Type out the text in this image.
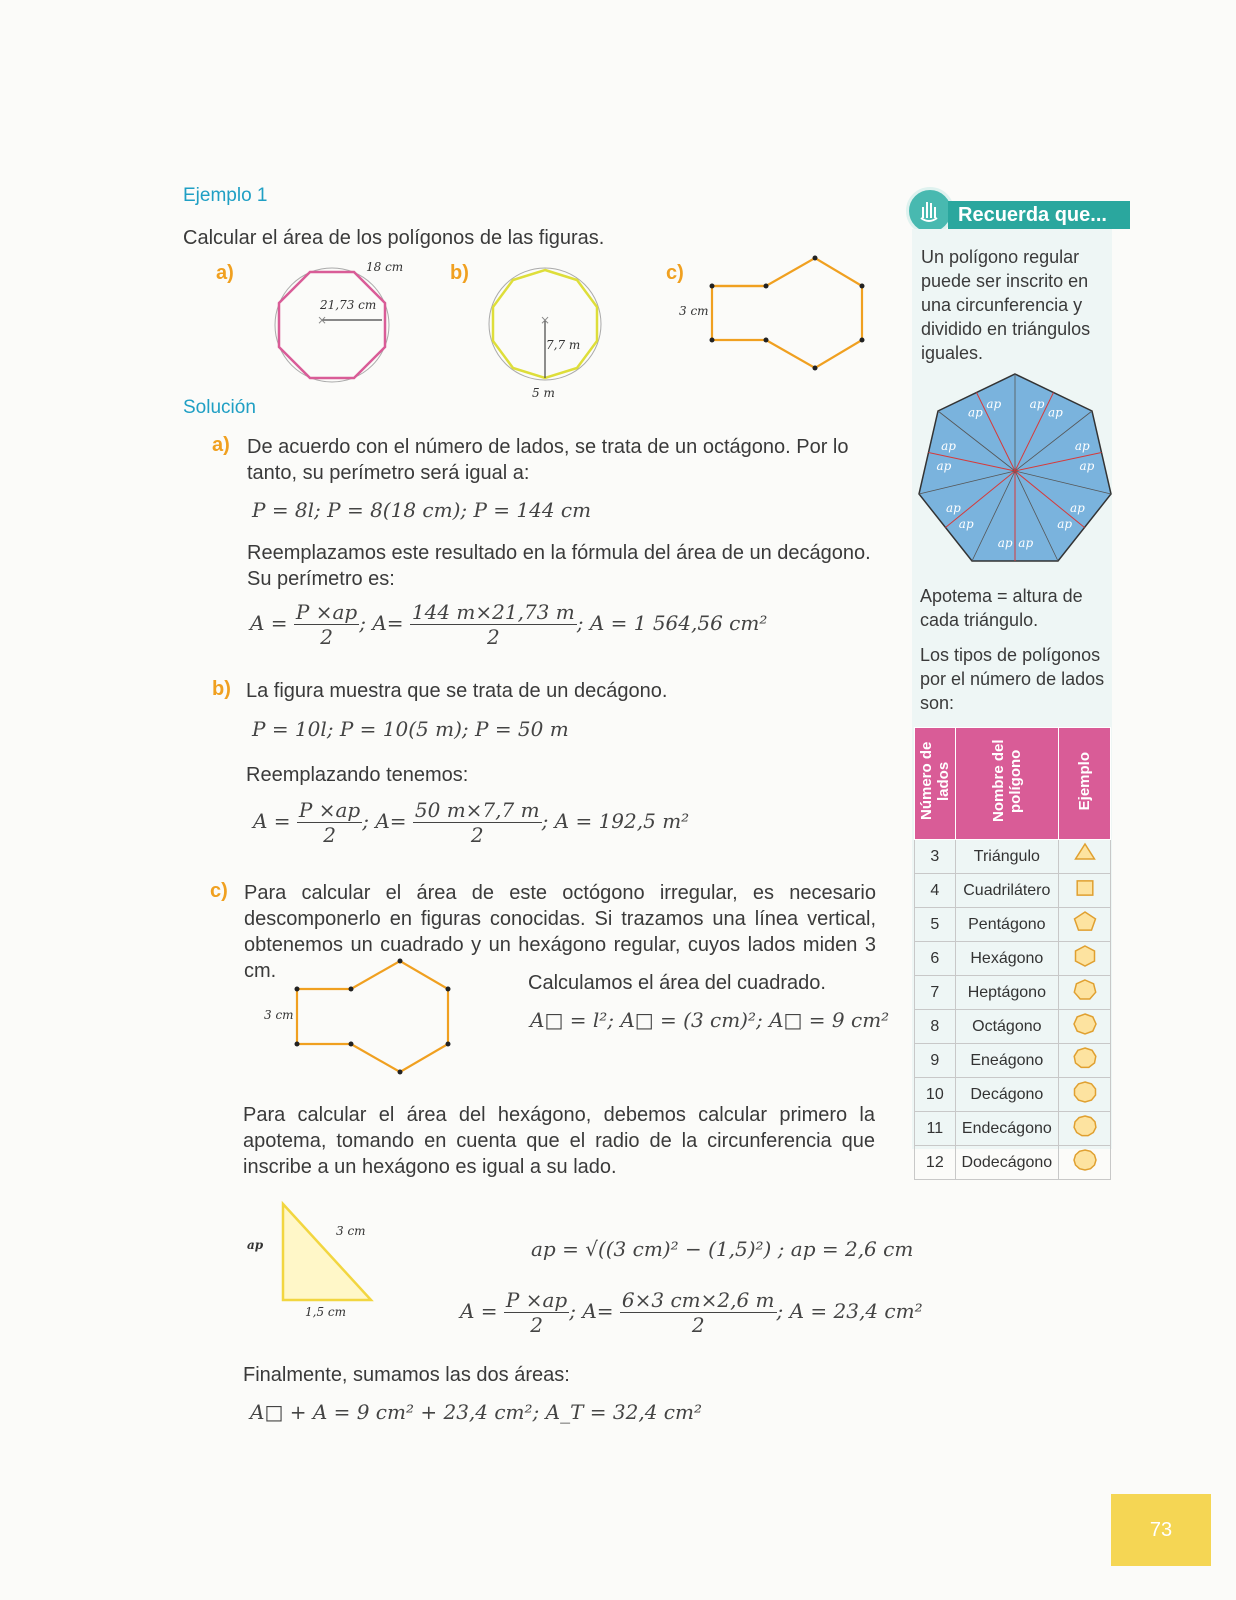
Ejemplo 1
Calcular el área de los polígonos de las figuras.
a)
×
18 cm
21,73 cm
b)
×
7,7 m
5 m
c)
3 cm
Solución
a) De acuerdo con el número de lados, se trata de un octágono. Por lo tanto, su perímetro será igual a:
P = 8l; P = 8(18 cm); P = 144 cm
Reemplazamos este resultado en la fórmula del área de un decágono. Su perímetro es:
$A = \frac{P \times ap}{2}$ ; $A= \frac{144 m\times 21,73 m}{2}$ ; A = 1 564,56 cm²
b) La figura muestra que se trata de un decágono.
P = 10l; P = 10(5 m); P = 50 m
Reemplazando tenemos:
$A = \frac{P \times ap}{2}$ ; $A= \frac{50 m\times 7,7 m}{2}$ ; A = 192,5 m²
c) Para calcular el área de este octógono irregular, es necesario descomponerlo en figuras conocidas. Si trazamos una línea vertical, obtenemos un cuadrado y un hexágono regular, cuyos lados miden 3 cm.
3 cm
Calculamos el área del cuadrado.
A□ = l²; A□ = (3 cm)²; A□ = 9 cm²
Para calcular el área del hexágono, debemos calcular primero la apotema, tomando en cuenta que el radio de la circunferencia que inscribe a un hexágono es igual a su lado.
ap
3 cm
1,5 cm
ap = √((3 cm)² − (1,5)²) ; ap = 2,6 cm
$A = \frac{P \times ap}{2}$ ; $A= \frac{6\times 3 cm\times 2,6 m}{2}$ ; A = 23,4 cm²
Finalmente, sumamos las dos áreas:
A□ + A = 9 cm² + 23,4 cm²; A_T = 32,4 cm²
Recuerda que...
Un polígono regular puede ser inscrito en una circunferencia y dividido en triángulos iguales.
ap
ap
ap
ap
ap
ap
ap
ap
ap
ap
ap
ap
ap
ap
Apotema = altura de cada triángulo.
Los tipos de polígonos por el número de lados son:
Número de lados	Nombre del polígono	Ejemplo
3	Triángulo	
4	Cuadrilátero	
5	Pentágono	
6	Hexágono	
7	Heptágono	
8	Octágono	
9	Eneágono	
10	Decágono	
11	Endecágono	
12	Dodecágono	
73
